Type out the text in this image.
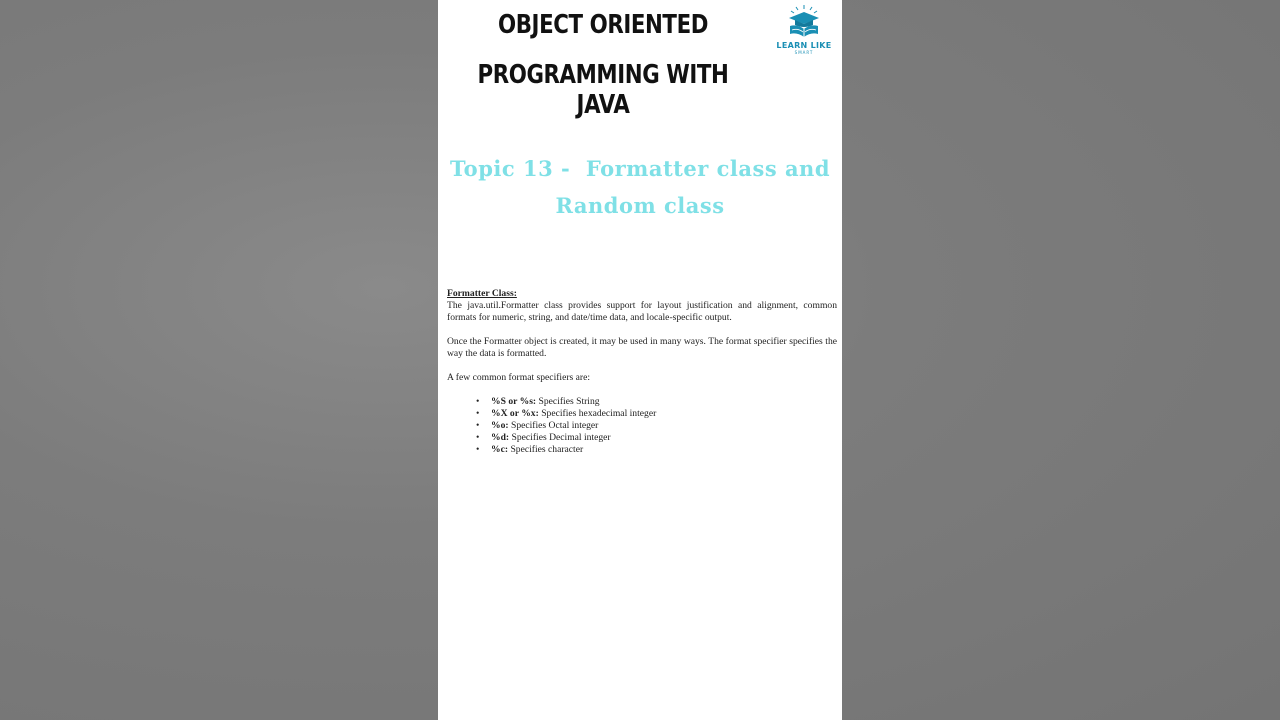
OBJECT ORIENTED
PROGRAMMING WITH JAVA
LEARN LIKE
SMART
Topic 13 -  Formatter class and
Random class
Formatter Class:

The java.util.Formatter class provides support for layout justification and alignment, common formats for numeric, string, and date/time data, and locale-specific output.

Once the Formatter object is created, it may be used in many ways. The format specifier specifies the way the data is formatted.

A few common format specifiers are:

• %S or %s: Specifies String
• %X or %x: Specifies hexadecimal integer
• %o: Specifies Octal integer
• %d: Specifies Decimal integer
• %c: Specifies character
